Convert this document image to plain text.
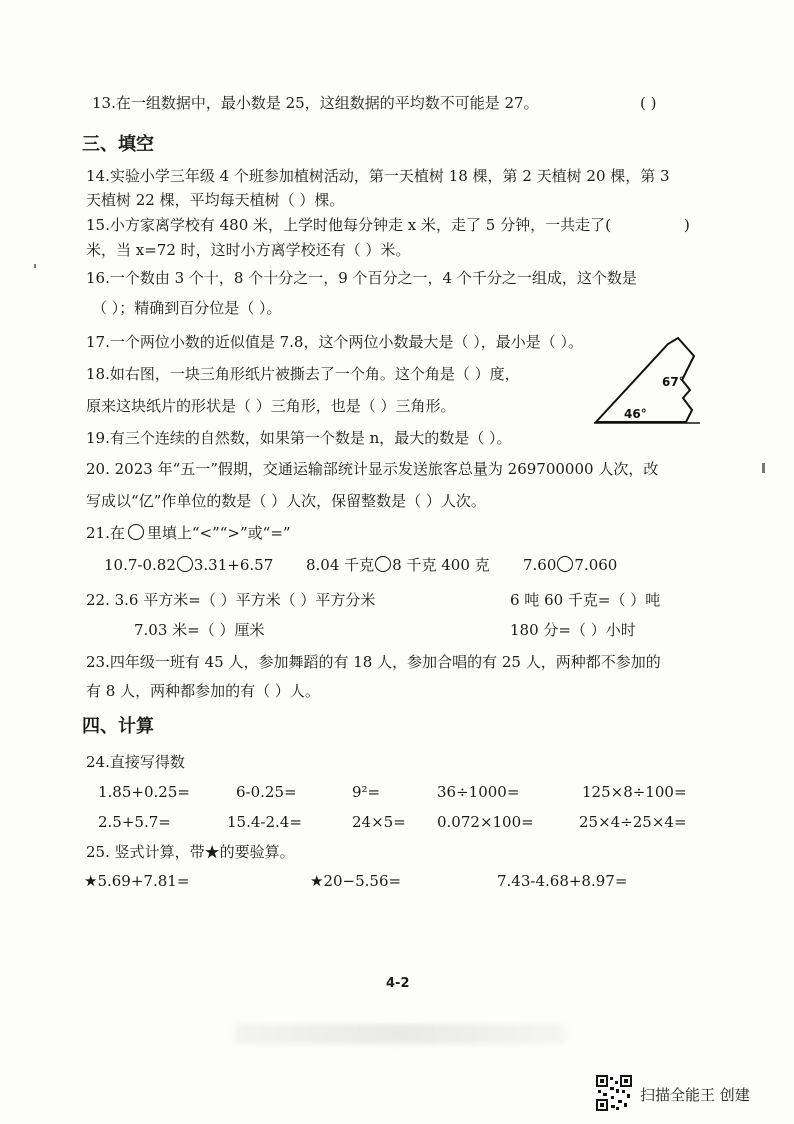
13.在一组数据中，最小数是 25，这组数据的平均数不可能是 27。	( )
三、填空
14.实验小学三年级 4 个班参加植树活动，第一天植树 18 棵，第 2 天植树 20 棵，第 3
天植树 22 棵，平均每天植树（ ）棵。
15.小方家离学校有 480 米，上学时他每分钟走 x 米，走了 5 分钟，一共走了(	)
米，当 x=72 时，这时小方离学校还有（ ）米。
16.一个数由 3 个十，8 个十分之一，9 个百分之一，4 个千分之一组成，这个数是
（ ）；精确到百分位是（ ）。
17.一个两位小数的近似值是 7.8，这个两位小数最大是（ ），最小是（ ）。
18.如右图，一块三角形纸片被撕去了一个角。这个角是（ ）度，
原来这块纸片的形状是（ ）三角形，也是（ ）三角形。
67°
46°
19.有三个连续的自然数，如果第一个数是 n，最大的数是（ ）。
20. 2023 年“五一”假期，交通运输部统计显示发送旅客总量为 269700000 人次，改
写成以“亿”作单位的数是（ ）人次，保留整数是（ ）人次。
21.在 里填上“<”“>”或“=”
10.7-0.82 3.31+6.57 8.04 千克 8 千克 400 克 7.60 7.060
22. 3.6 平方米=（ ）平方米（ ）平方分米	6 吨 60 千克=（ ）吨
7.03 米=（ ）厘米	180 分=（ ）小时
23.四年级一班有 45 人，参加舞蹈的有 18 人，参加合唱的有 25 人，两种都不参加的
有 8 人，两种都参加的有（ ）人。
四、计算
24.直接写得数
1.85+0.25=	6-0.25=	9²=	36÷1000=	125×8÷100=
2.5+5.7=	15.4-2.4=	24×5= 0.072×100=	25×4÷25×4=
25. 竖式计算，带★的要验算。
★5.69+7.81=	★20−5.56=	7.43-4.68+8.97=
4-2
扫描全能王 创建
